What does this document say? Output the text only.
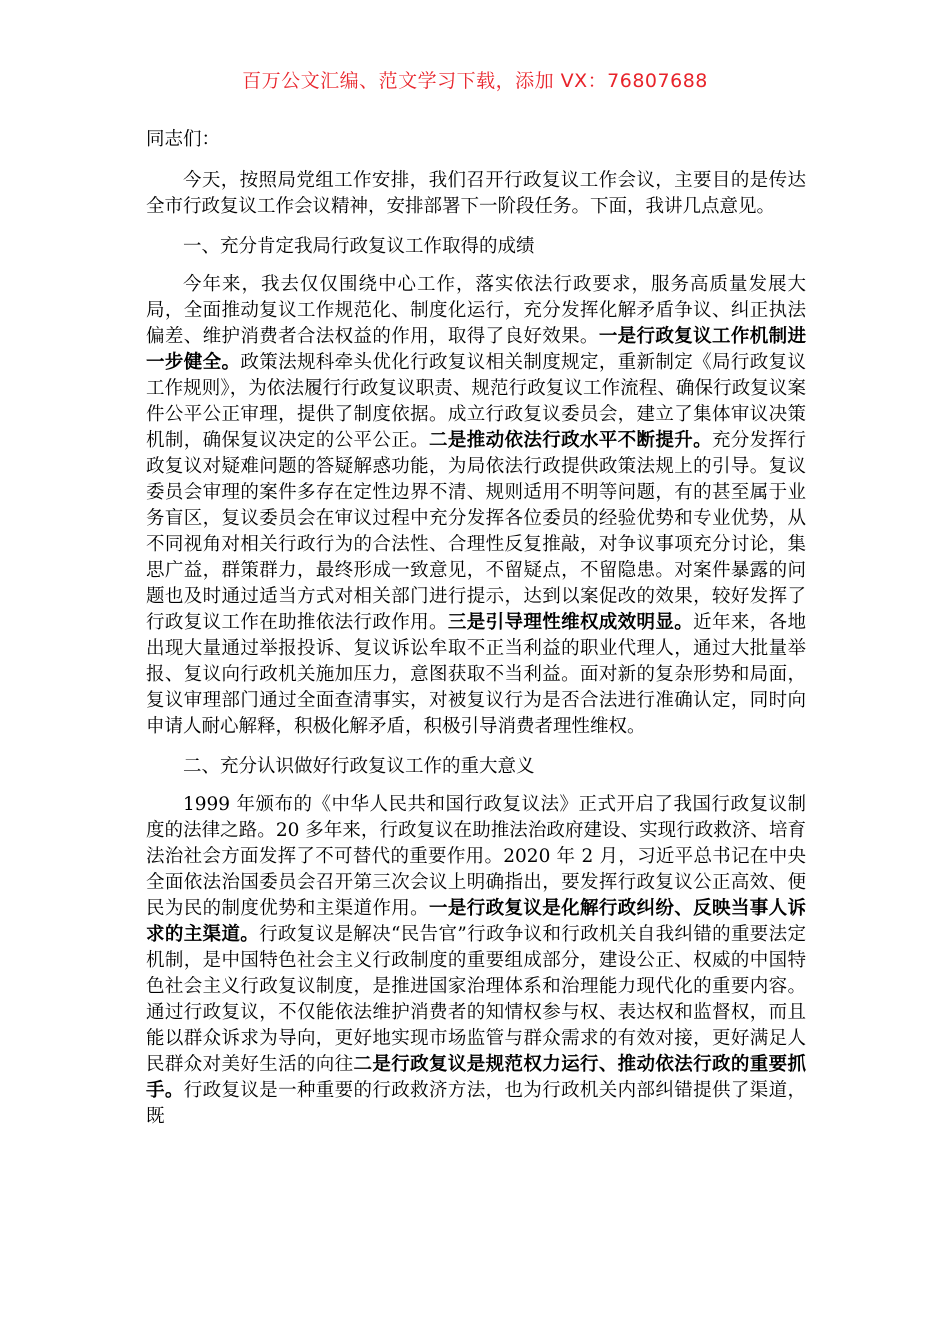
百万公文汇编、范文学习下载，添加 VX：76807688

同志们：

今天，按照局党组工作安排，我们召开行政复议工作会议，主要目的是传达全市行政复议工作会议精神，安排部署下一阶段任务。下面，我讲几点意见。

一、充分肯定我局行政复议工作取得的成绩

今年来，我去仅仅围绕中心工作，落实依法行政要求，服务高质量发展大局，全面推动复议工作规范化、制度化运行，充分发挥化解矛盾争议、纠正执法偏差、维护消费者合法权益的作用，取得了良好效果。一是行政复议工作机制进一步健全。政策法规科牵头优化行政复议相关制度规定，重新制定《局行政复议工作规则》，为依法履行行政复议职责、规范行政复议工作流程、确保行政复议案件公平公正审理，提供了制度依据。成立行政复议委员会，建立了集体审议决策机制，确保复议决定的公平公正。二是推动依法行政水平不断提升。充分发挥行政复议对疑难问题的答疑解惑功能，为局依法行政提供政策法规上的引导。复议委员会审理的案件多存在定性边界不清、规则适用不明等问题，有的甚至属于业务盲区，复议委员会在审议过程中充分发挥各位委员的经验优势和专业优势，从不同视角对相关行政行为的合法性、合理性反复推敲，对争议事项充分讨论，集思广益，群策群力，最终形成一致意见，不留疑点，不留隐患。对案件暴露的问题也及时通过适当方式对相关部门进行提示，达到以案促改的效果，较好发挥了行政复议工作在助推依法行政作用。三是引导理性维权成效明显。近年来，各地出现大量通过举报投诉、复议诉讼牟取不正当利益的职业代理人，通过大批量举报、复议向行政机关施加压力，意图获取不当利益。面对新的复杂形势和局面，复议审理部门通过全面查清事实，对被复议行为是否合法进行准确认定，同时向申请人耐心解释，积极化解矛盾，积极引导消费者理性维权。

二、充分认识做好行政复议工作的重大意义

1999 年颁布的《中华人民共和国行政复议法》正式开启了我国行政复议制度的法律之路。20 多年来，行政复议在助推法治政府建设、实现行政救济、培育法治社会方面发挥了不可替代的重要作用。2020 年 2 月，习近平总书记在中央全面依法治国委员会召开第三次会议上明确指出，要发挥行政复议公正高效、便民为民的制度优势和主渠道作用。一是行政复议是化解行政纠纷、反映当事人诉求的主渠道。行政复议是解决“民告官”行政争议和行政机关自我纠错的重要法定机制，是中国特色社会主义行政制度的重要组成部分，建设公正、权威的中国特色社会主义行政复议制度，是推进国家治理体系和治理能力现代化的重要内容。通过行政复议，不仅能依法维护消费者的知情权参与权、表达权和监督权，而且能以群众诉求为导向，更好地实现市场监管与群众需求的有效对接，更好满足人民群众对美好生活的向往二是行政复议是规范权力运行、推动依法行政的重要抓手。行政复议是一种重要的行政救济方法，也为行政机关内部纠错提供了渠道，既
